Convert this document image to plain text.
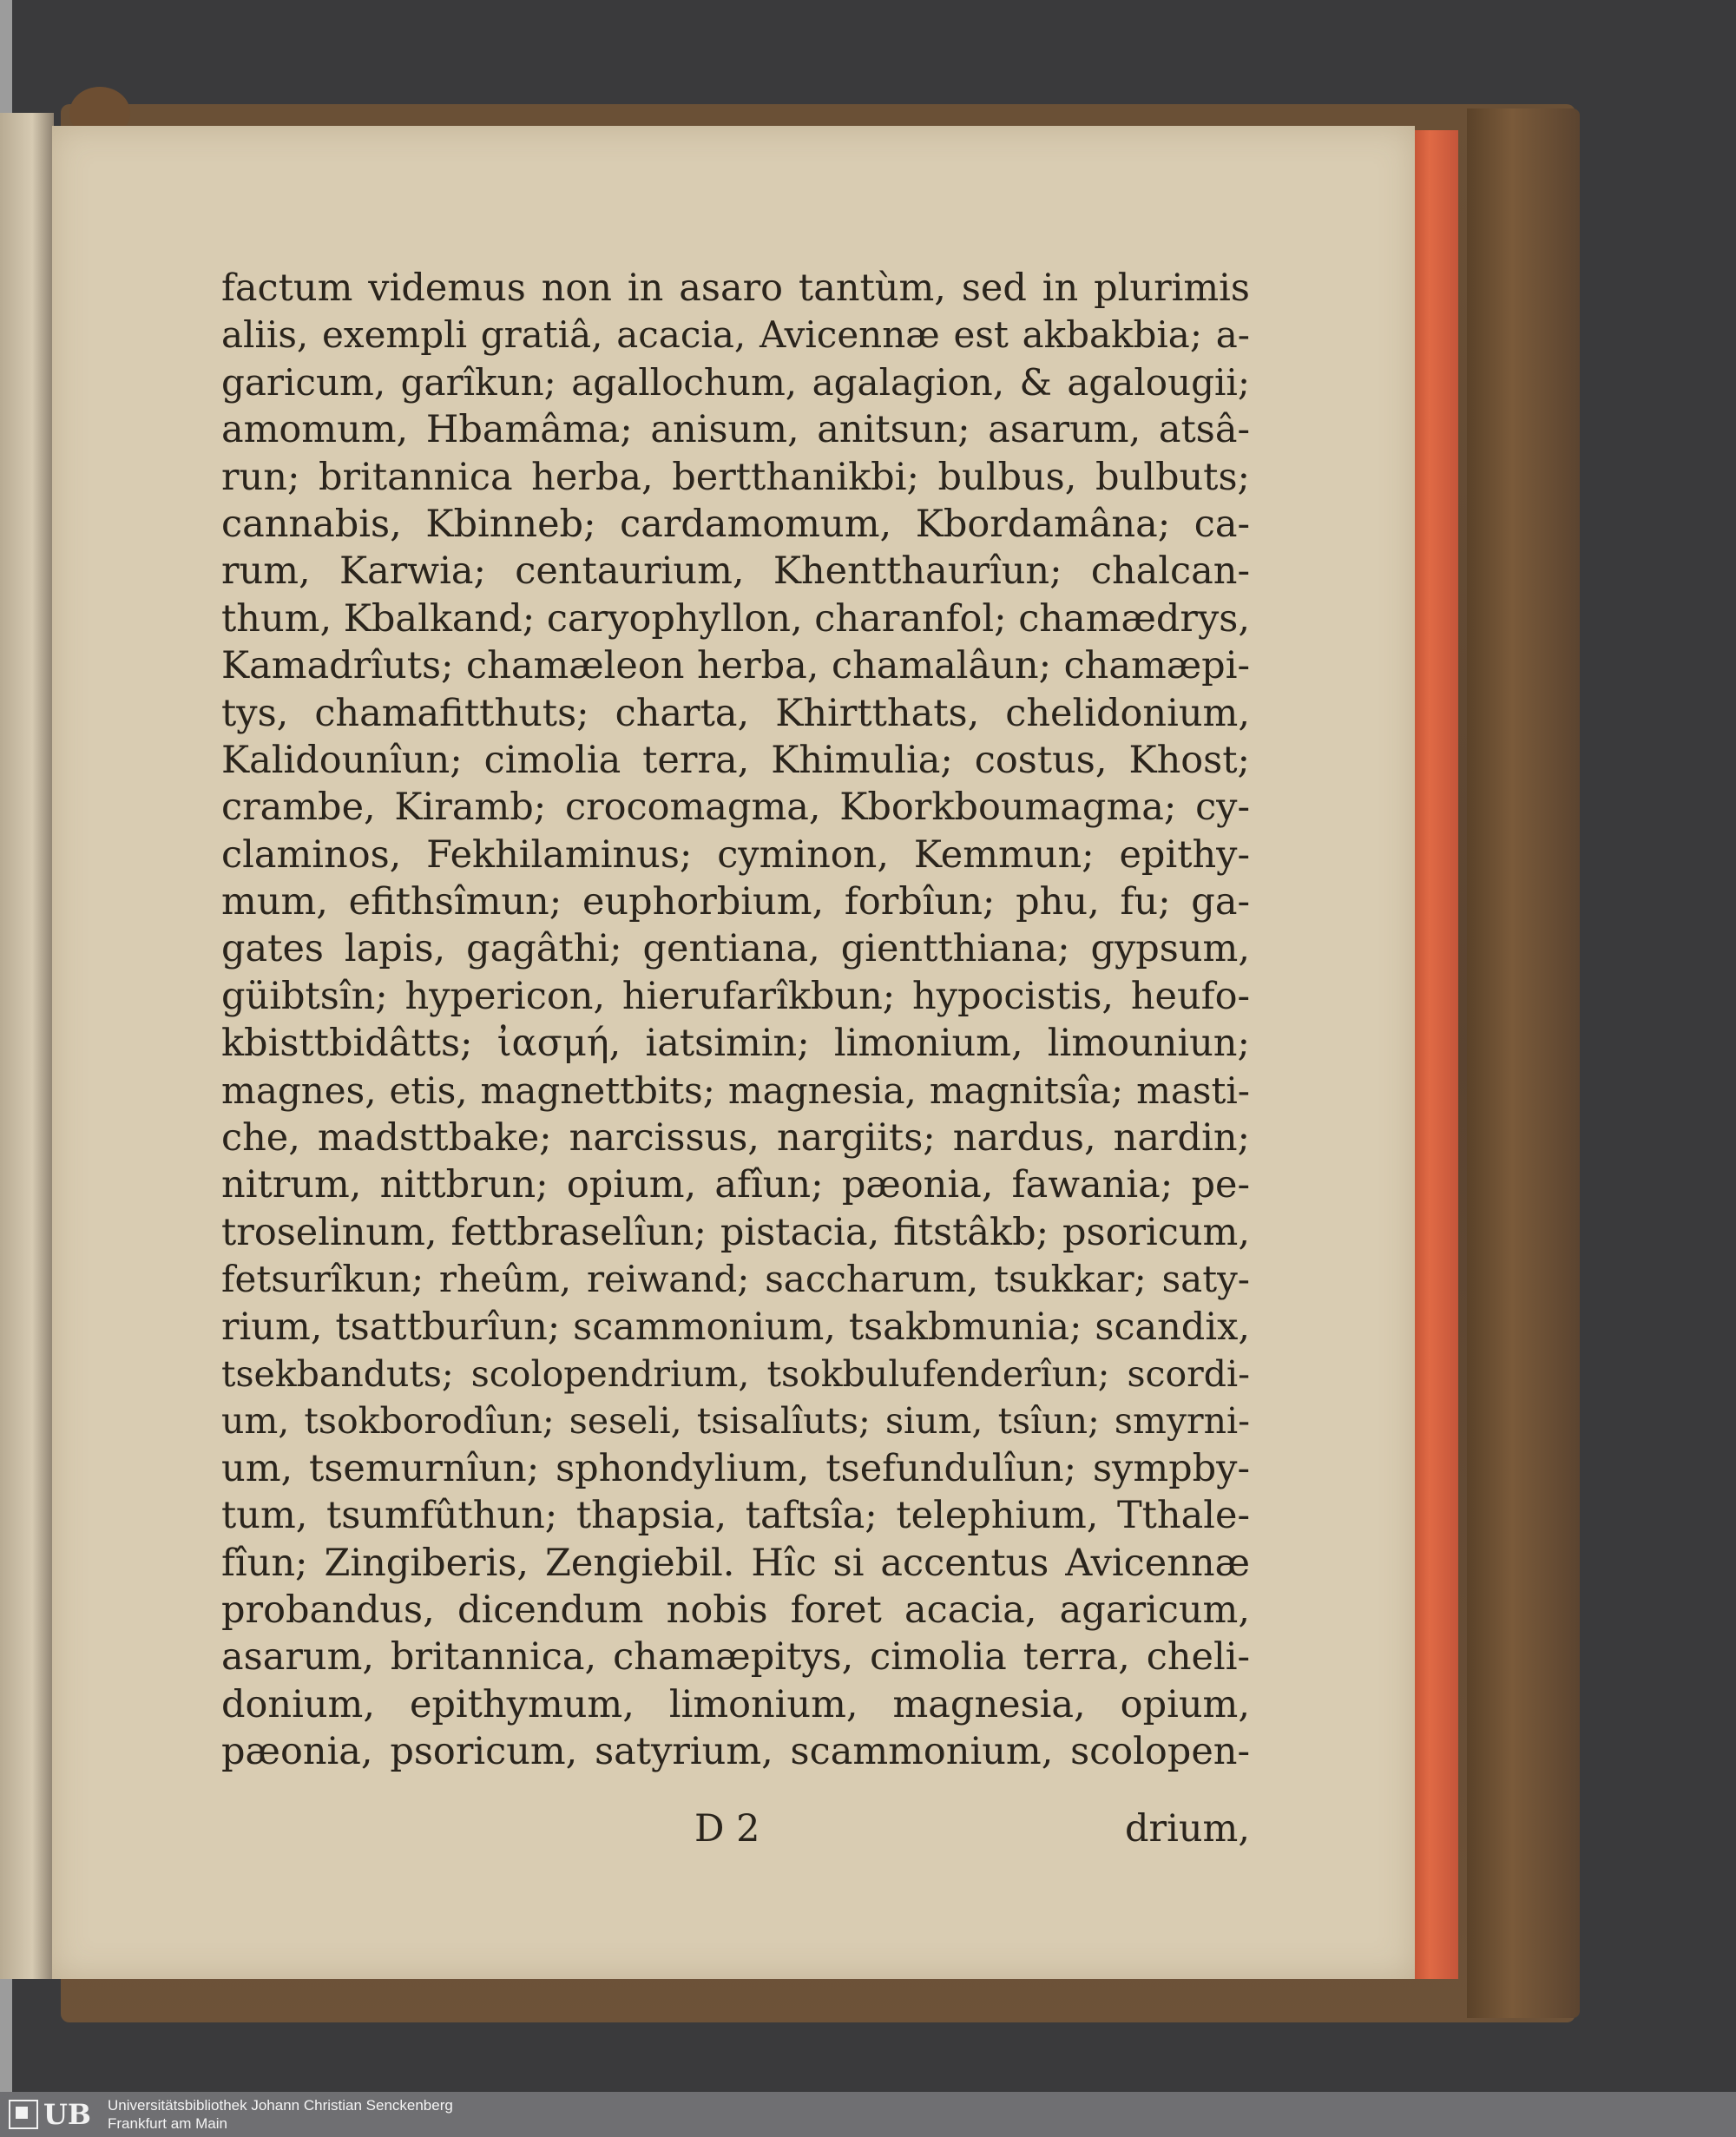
factum videmus non in asaro tantùm, sed in plurimis
aliis, exempli gratiâ, acacia, Avicennæ est akbakbia; a-
garicum, garîkun; agallochum, agalagion, & agalougii;
amomum, Hbamâma; anisum, anitsun; asarum, atsâ-
run; britannica herba, bertthanikbi; bulbus, bulbuts;
cannabis, Kbinneb; cardamomum, Kbordamâna; ca-
rum, Karwia; centaurium, Khentthaurîun; chalcan-
thum, Kbalkand; caryophyllon, charanfol; chamædrys,
Kamadrîuts; chamæleon herba, chamalâun; chamæpi-
tys, chamafitthuts; charta, Khirtthats, chelidonium,
Kalidounîun; cimolia terra, Khimulia; costus, Khost;
crambe, Kiramb; crocomagma, Kborkboumagma; cy-
claminos, Fekhilaminus; cyminon, Kemmun; epithy-
mum, efithsîmun; euphorbium, forbîun; phu, fu; ga-
gates lapis, gagâthi; gentiana, gientthiana; gypsum,
güibtsîn; hypericon, hierufarîkbun; hypocistis, heufo-
kbisttbidâtts; ἰασμή, iatsimin; limonium, limouniun;
magnes, etis, magnettbits; magnesia, magnitsîa; masti-
che, madsttbake; narcissus, nargiits; nardus, nardin;
nitrum, nittbrun; opium, afîun; pæonia, fawania; pe-
troselinum, fettbraselîun; pistacia, fitstâkb; psoricum,
fetsurîkun; rheûm, reiwand; saccharum, tsukkar; saty-
rium, tsattburîun; scammonium, tsakbmunia; scandix,
tsekbanduts; scolopendrium, tsokbulufenderîun; scordi-
um, tsokborodîun; seseli, tsisalîuts; sium, tsîun; smyrni-
um, tsemurnîun; sphondylium, tsefundulîun; sympby-
tum, tsumfûthun; thapsia, taftsîa; telephium, Tthale-
fîun; Zingiberis, Zengiebil. Hîc si accentus Avicennæ
probandus, dicendum nobis foret acacia, agaricum,
asarum, britannica, chamæpitys, cimolia terra, cheli-
donium, epithymum, limonium, magnesia, opium,
pæonia, psoricum, satyrium, scammonium, scolopen-
D 2	drium,
UB Universitätsbibliothek Johann Christian Senckenberg
Frankfurt am Main
